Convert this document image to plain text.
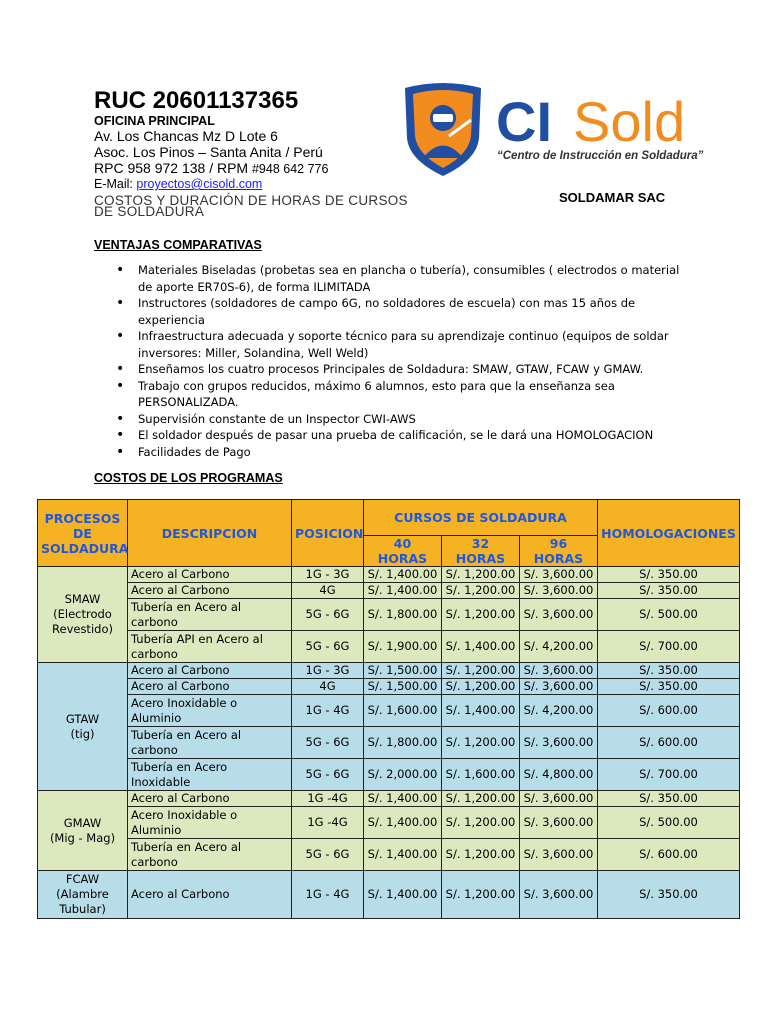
RUC 20601137365
OFICINA PRINCIPAL
Av. Los Chancas Mz D Lote 6
Asoc. Los Pinos – Santa Anita / Perú
RPC 958 972 138 / RPM #948 642 776
E-Mail: proyectos@cisold.com
COSTOS Y DURACIÓN DE HORAS DE CURSOS DE SOLDADURA
SOLDAMAR SAC
CI Sold
“Centro de Instrucción en Soldadura”
VENTAJAS COMPARATIVAS
• Materiales Biseladas (probetas sea en plancha o tubería), consumibles ( electrodos o material de aporte ER70S-6), de forma ILIMITADA
• Instructores (soldadores de campo 6G, no soldadores de escuela) con mas 15 años de experiencia
• Infraestructura adecuada y soporte técnico para su aprendizaje continuo (equipos de soldar inversores: Miller, Solandina, Well Weld)
• Enseñamos los cuatro procesos Principales de Soldadura: SMAW, GTAW, FCAW y GMAW.
• Trabajo con grupos reducidos, máximo 6 alumnos, esto para que la enseñanza sea PERSONALIZADA.
• Supervisión constante de un Inspector CWI-AWS
• El soldador después de pasar una prueba de calificación, se le dará una HOMOLOGACION
• Facilidades de Pago
COSTOS DE LOS PROGRAMAS
PROCESOS DE SOLDADURA	DESCRIPCION	POSICION	CURSOS DE SOLDADURA			HOMOLOGACIONES
			40 HORAS	32 HORAS	96 HORAS	

SMAW
(Electrodo Revestido)	Acero al Carbono	1G - 3G	S/. 1,400.00	S/. 1,200.00	S/. 3,600.00	S/. 350.00
	Acero al Carbono	4G	S/. 1,400.00	S/. 1,200.00	S/. 3,600.00	S/. 350.00
	Tubería en Acero al carbono	5G - 6G	S/. 1,800.00	S/. 1,200.00	S/. 3,600.00	S/. 500.00
	Tubería API en Acero al carbono	5G - 6G	S/. 1,900.00	S/. 1,400.00	S/. 4,200.00	S/. 700.00

GTAW
(tig)	Acero al Carbono	1G - 3G	S/. 1,500.00	S/. 1,200.00	S/. 3,600.00	S/. 350.00
	Acero al Carbono	4G	S/. 1,500.00	S/. 1,200.00	S/. 3,600.00	S/. 350.00
	Acero Inoxidable o Aluminio	1G - 4G	S/. 1,600.00	S/. 1,400.00	S/. 4,200.00	S/. 600.00
	Tubería en Acero al carbono	5G - 6G	S/. 1,800.00	S/. 1,200.00	S/. 3,600.00	S/. 600.00
	Tubería en Acero Inoxidable	5G - 6G	S/. 2,000.00	S/. 1,600.00	S/. 4,800.00	S/. 700.00

GMAW
(Mig - Mag)	Acero al Carbono	1G -4G	S/. 1,400.00	S/. 1,200.00	S/. 3,600.00	S/. 350.00
	Acero Inoxidable o Aluminio	1G -4G	S/. 1,400.00	S/. 1,200.00	S/. 3,600.00	S/. 500.00
	Tubería en Acero al carbono	5G - 6G	S/. 1,400.00	S/. 1,200.00	S/. 3,600.00	S/. 600.00

FCAW
(Alambre Tubular)	Acero al Carbono	1G - 4G	S/. 1,400.00	S/. 1,200.00	S/. 3,600.00	S/. 350.00
